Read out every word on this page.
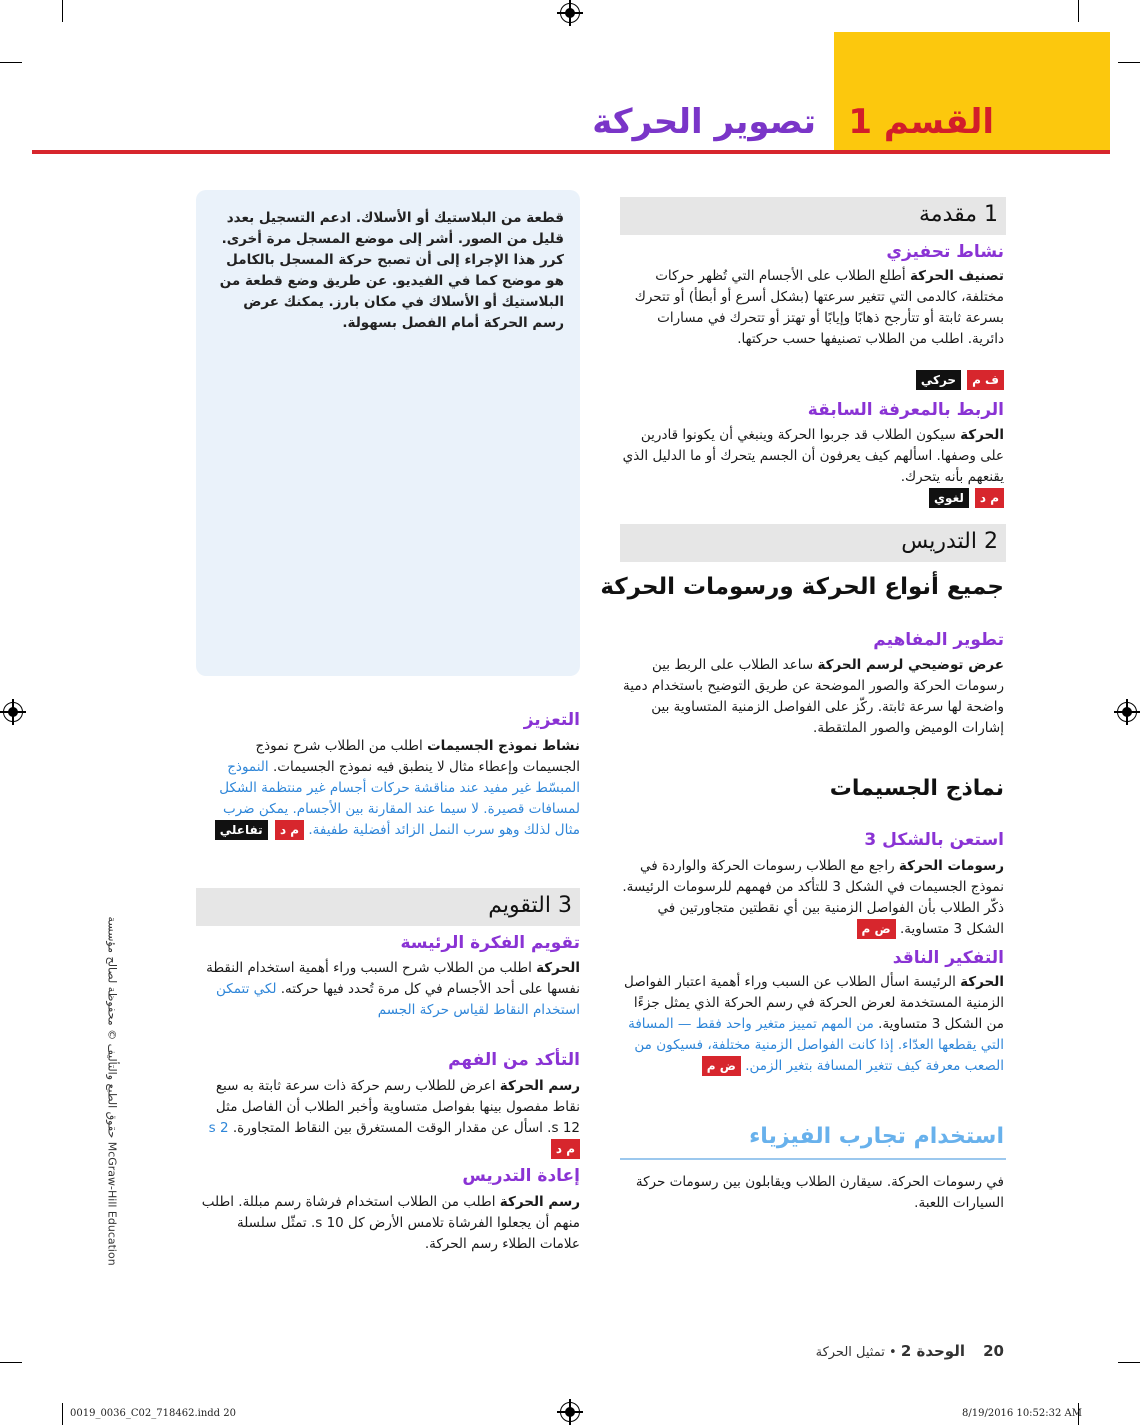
القسم 1
تصوير الحركة
1 مقدمة
نشاط تحفيزي
تصنيف الحركة أطلع الطلاب على الأجسام التي تُظهر حركات مختلفة، كالدمى التي تتغير سرعتها (بشكل أسرع أو أبطأ) أو تتحرك بسرعة ثابتة أو تتأرجح ذهابًا وإيابًا أو تهتز أو تتحرك في مسارات دائرية. اطلب من الطلاب تصنيفها حسب حركتها.
ف م
حركي
الربط بالمعرفة السابقة
الحركة سيكون الطلاب قد جربوا الحركة وينبغي أن يكونوا قادرين على وصفها. اسألهم كيف يعرفون أن الجسم يتحرك أو ما الدليل الذي يقنعهم بأنه يتحرك.
م د
لغوي
2 التدريس
جميع أنواع الحركة ورسومات الحركة
تطوير المفاهيم
عرض توضيحي لرسم الحركة ساعد الطلاب على الربط بين رسومات الحركة والصور الموضحة عن طريق التوضيح باستخدام دمية واضحة لها سرعة ثابتة. ركّز على الفواصل الزمنية المتساوية بين إشارات الوميض والصور الملتقطة.
نماذج الجسيمات
استعن بالشكل 3
رسومات الحركة راجع مع الطلاب رسومات الحركة والواردة في نموذج الجسيمات في الشكل 3 للتأكد من فهمهم للرسومات الرئيسة. ذكّر الطلاب بأن الفواصل الزمنية بين أي نقطتين متجاورتين في الشكل 3 متساوية. ض م
التفكير الناقد
الحركة الرئيسة اسأل الطلاب عن السبب وراء أهمية اعتبار الفواصل الزمنية المستخدمة لعرض الحركة في رسم الحركة الذي يمثل جزءًا من الشكل 3 متساوية. من المهم تمييز متغير واحد فقط — المسافة التي يقطعها العدّاء. إذا كانت الفواصل الزمنية مختلفة، فسيكون من الصعب معرفة كيف تتغير المسافة بتغير الزمن. ض م
استخدام تجارب الفيزياء
في رسومات الحركة. سيقارن الطلاب ويقابلون بين رسومات حركة السيارات اللعبة.
قطعة من البلاستيك أو الأسلاك. ادعم التسجيل بعدد قليل من الصور. أشر إلى موضع المسجل مرة أخرى. كرر هذا الإجراء إلى أن تصبح حركة المسجل بالكامل هو موضح كما في الفيديو. عن طريق وضع قطعة من البلاستيك أو الأسلاك في مكان بارز. يمكنك عرض رسم الحركة أمام الفصل بسهولة.
التعزيز
نشاط نموذج الجسيمات اطلب من الطلاب شرح نموذج الجسيمات وإعطاء مثال لا ينطبق فيه نموذج الجسيمات. النموذج المبسّط غير مفيد عند مناقشة حركات أجسام غير منتظمة الشكل لمسافات قصيرة. لا سيما عند المقارنة بين الأجسام. يمكن ضرب مثال لذلك وهو سرب النمل الزائد أفضلية طفيفة. م د تفاعلي
3 التقويم
تقويم الفكرة الرئيسة
الحركة اطلب من الطلاب شرح السبب وراء أهمية استخدام النقطة نفسها على أحد الأجسام في كل مرة تُحدد فيها حركته. لكي تتمكن استخدام النقاط لقياس حركة الجسم
التأكد من الفهم
رسم الحركة اعرض للطلاب رسم حركة ذات سرعة ثابتة به سبع نقاط مفصول بينها بفواصل متساوية وأخبر الطلاب أن الفاصل مثل 12 s. اسأل عن مقدار الوقت المستغرق بين النقاط المتجاورة. 2 s م د
إعادة التدريس
رسم الحركة اطلب من الطلاب استخدام فرشاة رسم مبللة. اطلب منهم أن يجعلوا الفرشاة تلامس الأرض كل 10 s. تمثّل سلسلة علامات الطلاء رسم الحركة.
حقوق الطبع والتأليف © محفوظة لصالح مؤسسة McGraw-Hill Education
20 الوحدة 2 • تمثيل الحركة
0019_0036_C02_718462.indd 20	8/19/2016 10:52:32 AM
